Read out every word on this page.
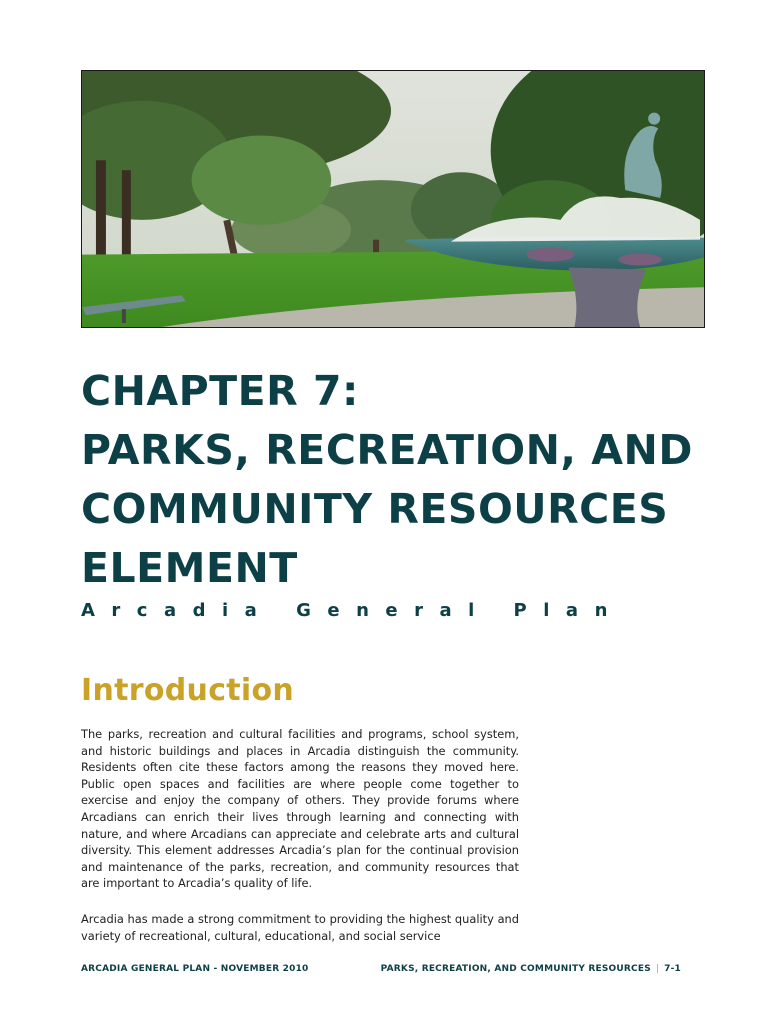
CHAPTER 7:
PARKS, RECREATION, AND
COMMUNITY RESOURCES
ELEMENT
Arcadia General Plan
Introduction

The parks, recreation and cultural facilities and programs, school system, and historic buildings and places in Arcadia distinguish the community. Residents often cite these factors among the reasons they moved here. Public open spaces and facilities are where people come together to exercise and enjoy the company of others. They provide forums where Arcadians can enrich their lives through learning and connecting with nature, and where Arcadians can appreciate and celebrate arts and cultural diversity. This element addresses Arcadia’s plan for the continual provision and maintenance of the parks, recreation, and community resources that are important to Arcadia’s quality of life.

Arcadia has made a strong commitment to providing the highest quality and variety of recreational, cultural, educational, and social service

ARCADIA GENERAL PLAN - NOVEMBER 2010	PARKS, RECREATION, AND COMMUNITY RESOURCES | 7-1
